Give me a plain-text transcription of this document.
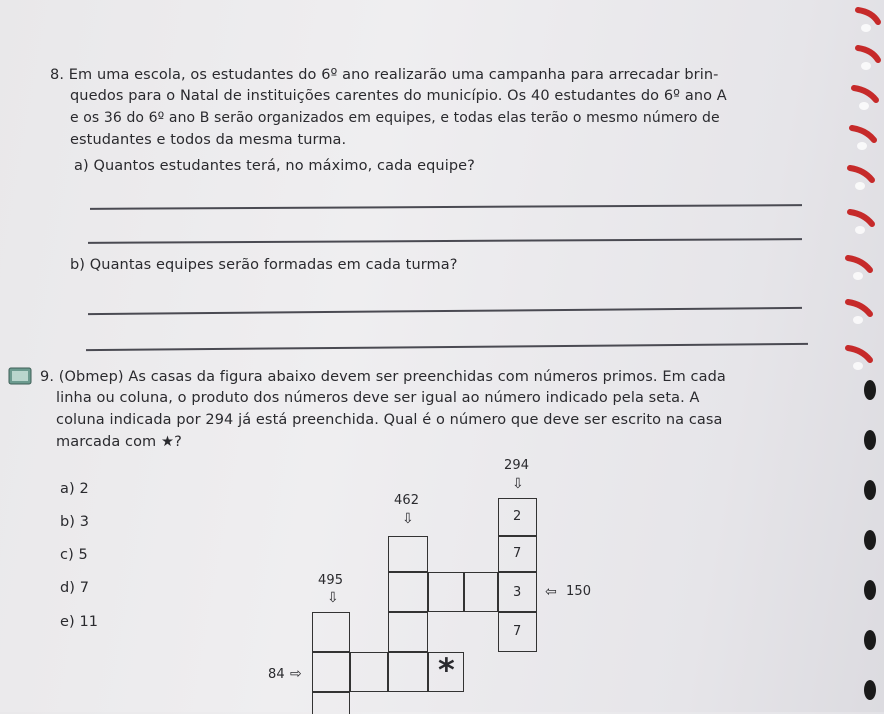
8. Em uma escola, os estudantes do 6º ano realizarão uma campanha para arrecadar brin-
quedos para o Natal de instituições carentes do município. Os 40 estudantes do 6º ano A
e os 36 do 6º ano B serão organizados em equipes, e todas elas terão o mesmo número de
estudantes e todos da mesma turma.
a) Quantos estudantes terá, no máximo, cada equipe?
b) Quantas equipes serão formadas em cada turma?
9. (Obmep) As casas da figura abaixo devem ser preenchidas com números primos. Em cada
linha ou coluna, o produto dos números deve ser igual ao número indicado pela seta. A
coluna indicada por 294 já está preenchida. Qual é o número que deve ser escrito na casa
marcada com ★?
a) 2
b) 3
c) 5
d) 7
e) 11
294
⇩
462
⇩
495
⇩	⇦ 150
84 ⇨
2
7
3
7
*
